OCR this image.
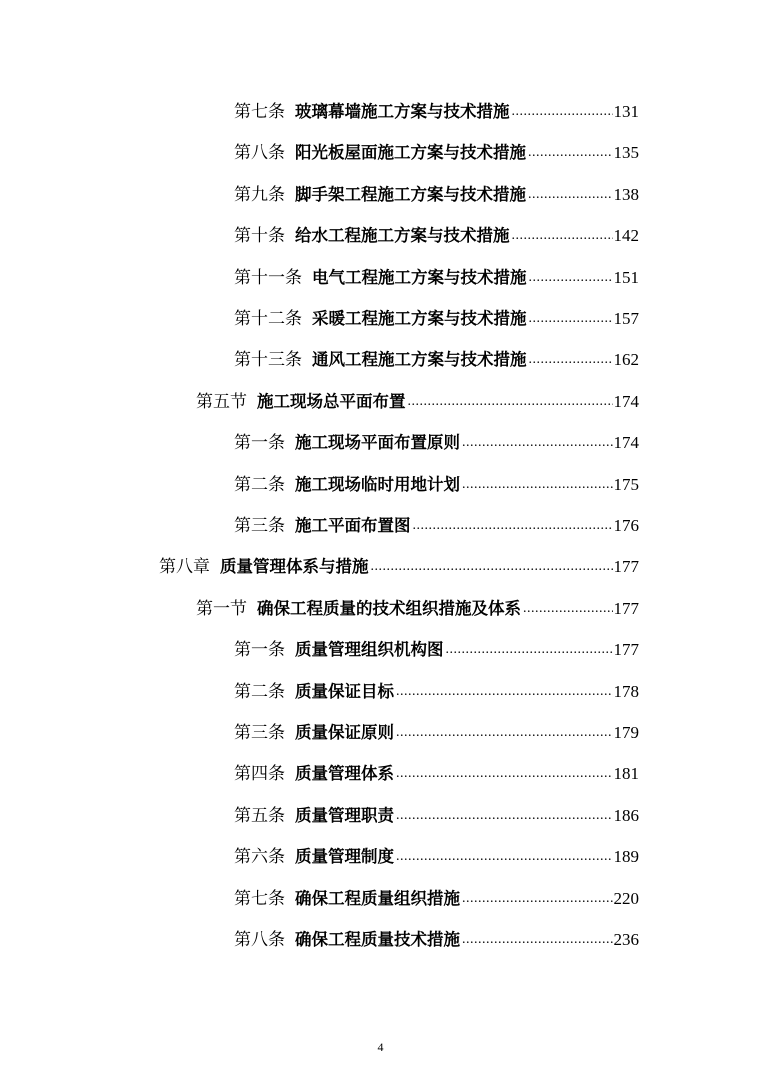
第七条 玻璃幕墙施工方案与技术措施 .....	131
第八条 阳光板屋面施工方案与技术措施 .....	135
第九条 脚手架工程施工方案与技术措施 .....	138
第十条 给水工程施工方案与技术措施 .....	142
第十一条 电气工程施工方案与技术措施 .....	151
第十二条 采暖工程施工方案与技术措施 .....	157
第十三条 通风工程施工方案与技术措施 .....	162
第五节 施工现场总平面布置 .....	174
第一条 施工现场平面布置原则 .....	174
第二条 施工现场临时用地计划 .....	175
第三条 施工平面布置图 .....	176
第八章 质量管理体系与措施 .....	177
第一节 确保工程质量的技术组织措施及体系 .....	177
第一条 质量管理组织机构图 .....	177
第二条 质量保证目标 .....	178
第三条 质量保证原则 .....	179
第四条 质量管理体系 .....	181
第五条 质量管理职责 .....	186
第六条 质量管理制度 .....	189
第七条 确保工程质量组织措施 .....	220
第八条 确保工程质量技术措施 .....	236
4
